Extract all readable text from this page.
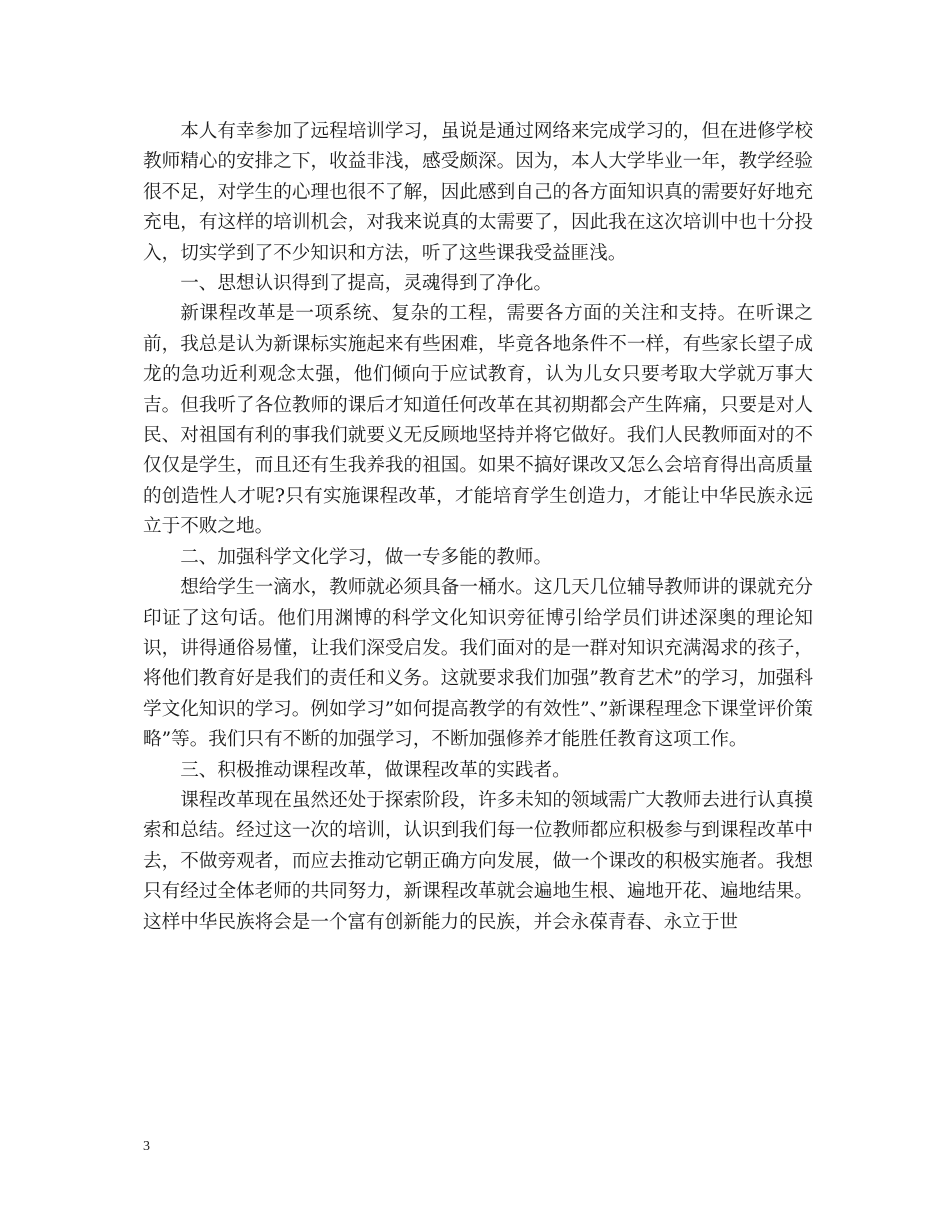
本人有幸参加了远程培训学习，虽说是通过网络来完成学习的，但在进修学校教师精心的安排之下，收益非浅，感受颇深。因为，本人大学毕业一年，教学经验很不足，对学生的心理也很不了解，因此感到自己的各方面知识真的需要好好地充充电，有这样的培训机会，对我来说真的太需要了，因此我在这次培训中也十分投入，切实学到了不少知识和方法，听了这些课我受益匪浅。

一、思想认识得到了提高，灵魂得到了净化。

新课程改革是一项系统、复杂的工程，需要各方面的关注和支持。在听课之前，我总是认为新课标实施起来有些困难，毕竟各地条件不一样，有些家长望子成龙的急功近利观念太强，他们倾向于应试教育，认为儿女只要考取大学就万事大吉。但我听了各位教师的课后才知道任何改革在其初期都会产生阵痛，只要是对人民、对祖国有利的事我们就要义无反顾地坚持并将它做好。我们人民教师面对的不仅仅是学生，而且还有生我养我的祖国。如果不搞好课改又怎么会培育得出高质量的创造性人才呢?只有实施课程改革，才能培育学生创造力，才能让中华民族永远立于不败之地。

二、加强科学文化学习，做一专多能的教师。

想给学生一滴水，教师就必须具备一桶水。这几天几位辅导教师讲的课就充分印证了这句话。他们用渊博的科学文化知识旁征博引给学员们讲述深奥的理论知识，讲得通俗易懂，让我们深受启发。我们面对的是一群对知识充满渴求的孩子，将他们教育好是我们的责任和义务。这就要求我们加强”教育艺术”的学习，加强科学文化知识的学习。例如学习”如何提高教学的有效性”、”新课程理念下课堂评价策略”等。我们只有不断的加强学习，不断加强修养才能胜任教育这项工作。

三、积极推动课程改革，做课程改革的实践者。

课程改革现在虽然还处于探索阶段，许多未知的领域需广大教师去进行认真摸索和总结。经过这一次的培训，认识到我们每一位教师都应积极参与到课程改革中去，不做旁观者，而应去推动它朝正确方向发展，做一个课改的积极实施者。我想只有经过全体老师的共同努力，新课程改革就会遍地生根、遍地开花、遍地结果。这样中华民族将会是一个富有创新能力的民族，并会永葆青春、永立于世

3
